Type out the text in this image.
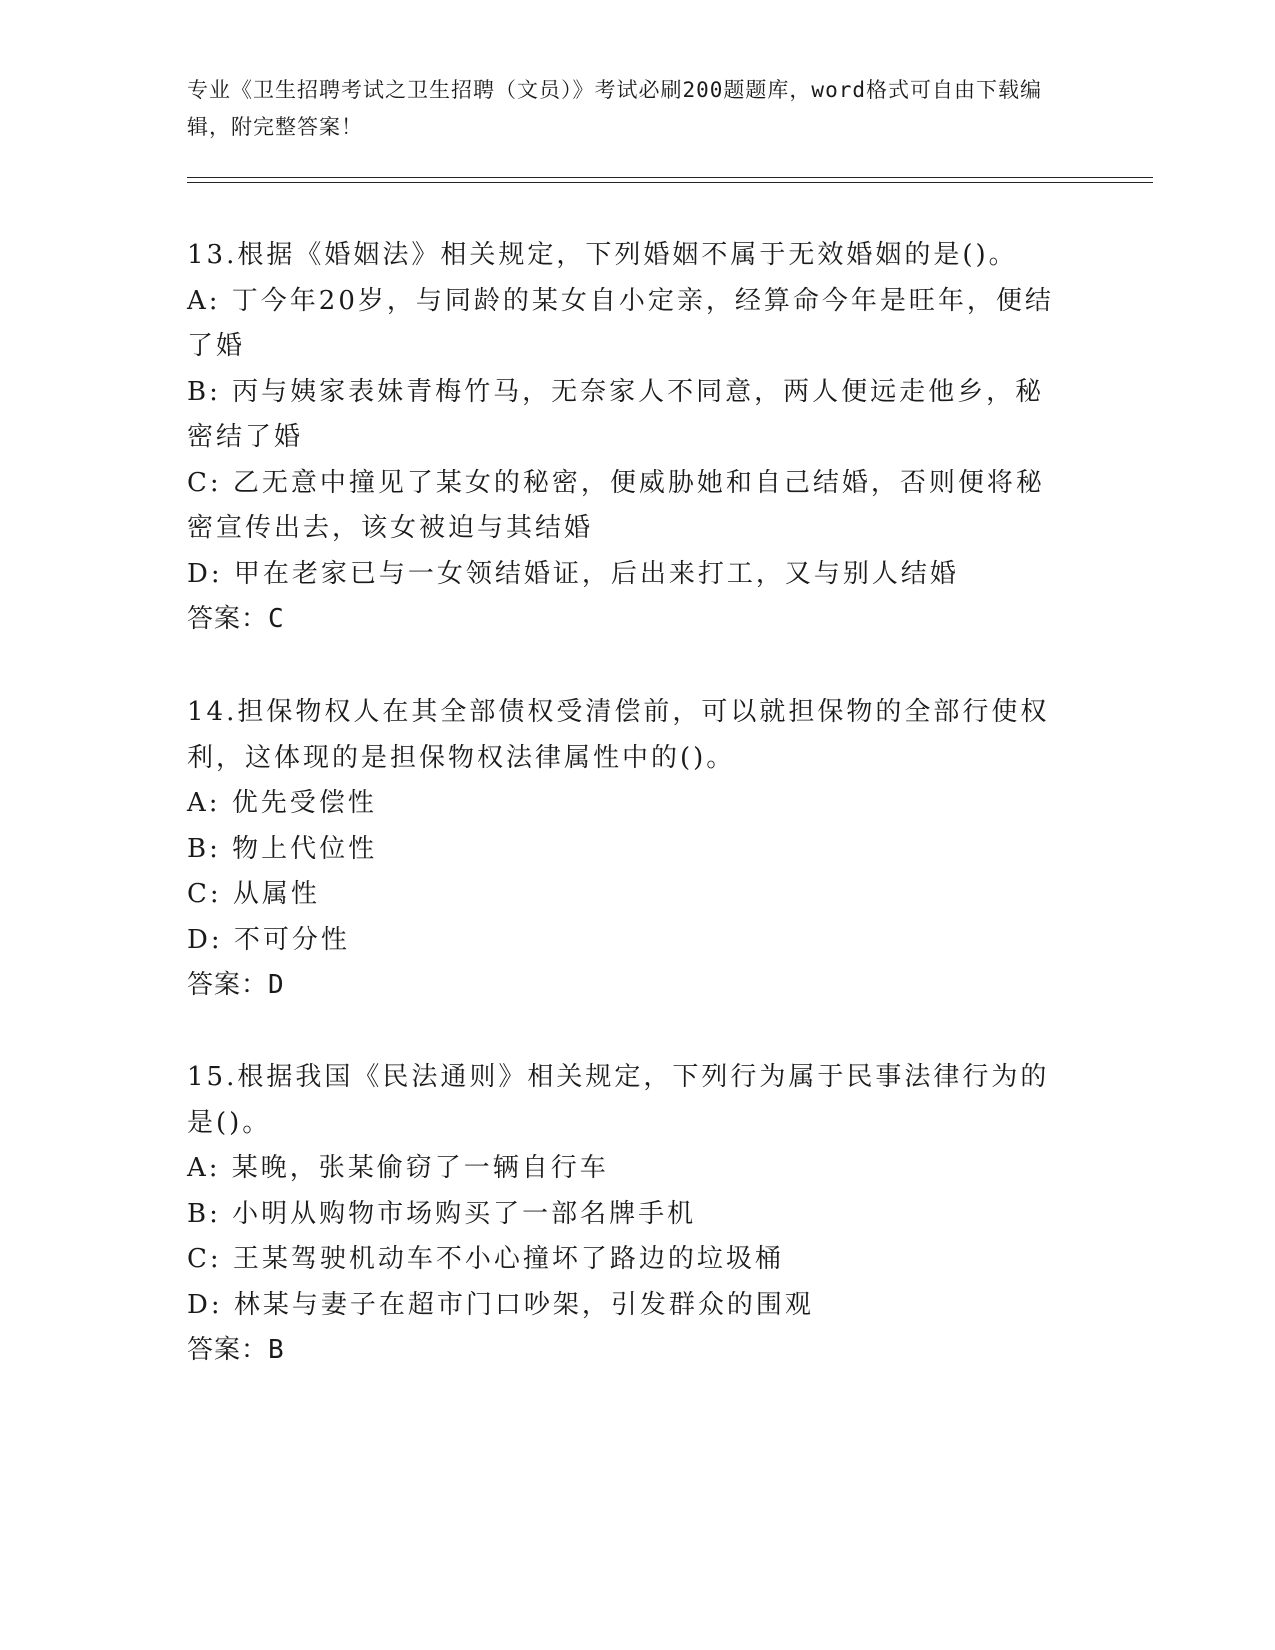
专业《卫生招聘考试之卫生招聘（文员）》考试必刷200题题库，word格式可自由下载编辑，附完整答案！

13.根据《婚姻法》相关规定，下列婚姻不属于无效婚姻的是()。

A: 丁今年20岁，与同龄的某女自小定亲，经算命今年是旺年，便结了婚

B: 丙与姨家表妹青梅竹马，无奈家人不同意，两人便远走他乡，秘密结了婚

C: 乙无意中撞见了某女的秘密，便威胁她和自己结婚，否则便将秘密宣传出去，该女被迫与其结婚

D: 甲在老家已与一女领结婚证，后出来打工，又与别人结婚

答案：C

14.担保物权人在其全部债权受清偿前，可以就担保物的全部行使权利，这体现的是担保物权法律属性中的()。

A: 优先受偿性

B: 物上代位性

C: 从属性

D: 不可分性

答案：D

15.根据我国《民法通则》相关规定，下列行为属于民事法律行为的是()。

A: 某晚，张某偷窃了一辆自行车

B: 小明从购物市场购买了一部名牌手机

C: 王某驾驶机动车不小心撞坏了路边的垃圾桶

D: 林某与妻子在超市门口吵架，引发群众的围观

答案：B
